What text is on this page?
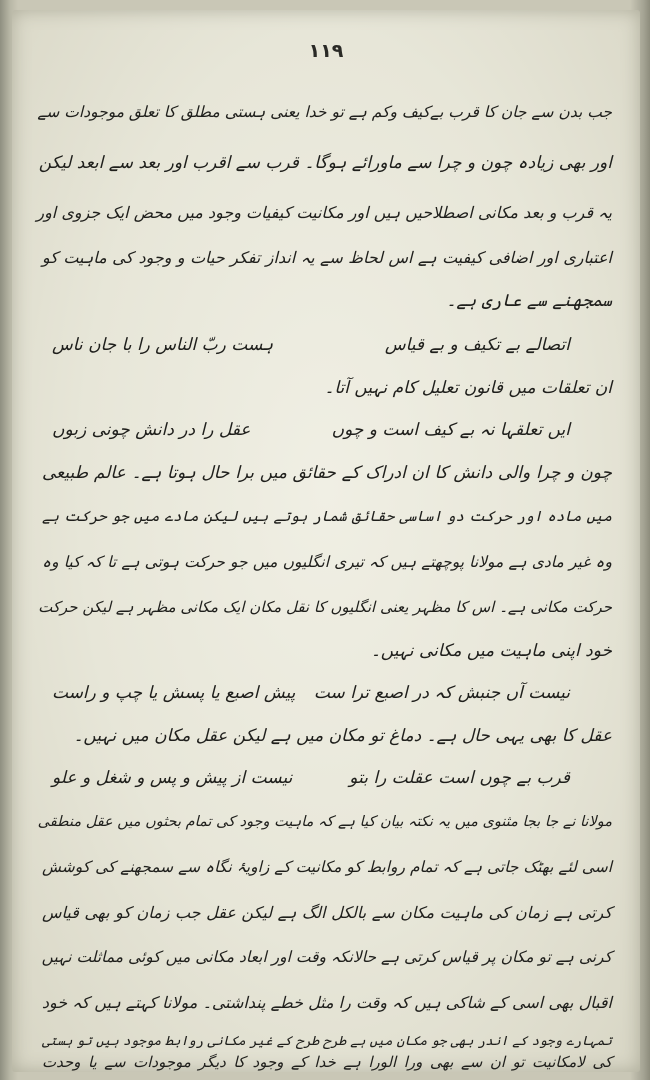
۱۱۹
جب بدن سے جان کا قرب بےکیف وکم ہے تو خدا یعنی ہستی مطلق کا تعلق موجودات سے
اور بھی زیادہ چون و چرا سے ماورائے ہوگا۔ قرب سے اقرب اور بعد سے ابعد لیکن
یہ قرب و بعد مکانی اصطلاحیں ہیں اور مکانیت کیفیات وجود میں محض ایک جزوی اور
اعتباری اور اضافی کیفیت ہے اس لحاظ سے یہ انداز تفکر حیات و وجود کی ماہیت کو
سمجھنے سے عاری ہے۔
اتصالے بے تکیف و بے قیاس
ہست ربّ الناس را با جان ناس
ان تعلقات میں قانون تعلیل کام نہیں آتا۔
ایں تعلقہا نہ بے کیف است و چوں
عقل را در دانش چونی زبوں
چون و چرا والی دانش کا ان ادراک کے حقائق میں برا حال ہوتا ہے۔ عالم طبیعی
میں مادہ اور حرکت دو اساسی حقائق شمار ہوتے ہیں لیکن مادے میں جو حرکت ہے
وہ غیر مادی ہے مولانا پوچھتے ہیں کہ تیری انگلیوں میں جو حرکت ہوتی ہے تا کہ کیا وہ
حرکت مکانی ہے۔ اس کا مظہر یعنی انگلیوں کا نقل مکان ایک مکانی مظہر ہے لیکن حرکت
خود اپنی ماہیت میں مکانی نہیں۔
نیست آں جنبش کہ در اصبع ترا ست
پیش اصبع یا پسش یا چپ و راست
عقل کا بھی یہی حال ہے۔ دماغ تو مکان میں ہے لیکن عقل مکان میں نہیں۔
قرب بے چوں است عقلت را بتو
نیست از پیش و پس و شغل و علو
مولانا نے جا بجا مثنوی میں یہ نکتہ بیان کیا ہے کہ ماہیت وجود کی تمام بحثوں میں عقل منطقی
اسی لئے بھٹک جاتی ہے کہ تمام روابط کو مکانیت کے زاویۂ نگاہ سے سمجھنے کی کوشش
کرتی ہے زمان کی ماہیت مکان سے بالکل الگ ہے لیکن عقل جب زمان کو بھی قیاس
کرنی ہے تو مکان پر قیاس کرتی ہے حالانکہ وقت اور ابعاد مکانی میں کوئی مماثلت نہیں
اقبال بھی اسی کے شاکی ہیں کہ وقت را مثل خطے پنداشتی۔ مولانا کہتے ہیں کہ خود
تمہارے وجود کے اندر بھی جو مکان میں ہے طرح طرح کے غیر مکانی روابط موجود ہیں تو ہستی
کی لامکانیت تو ان سے بھی ورا الورا ہے خدا کے وجود کا دیگر موجودات سے یا وحدت
